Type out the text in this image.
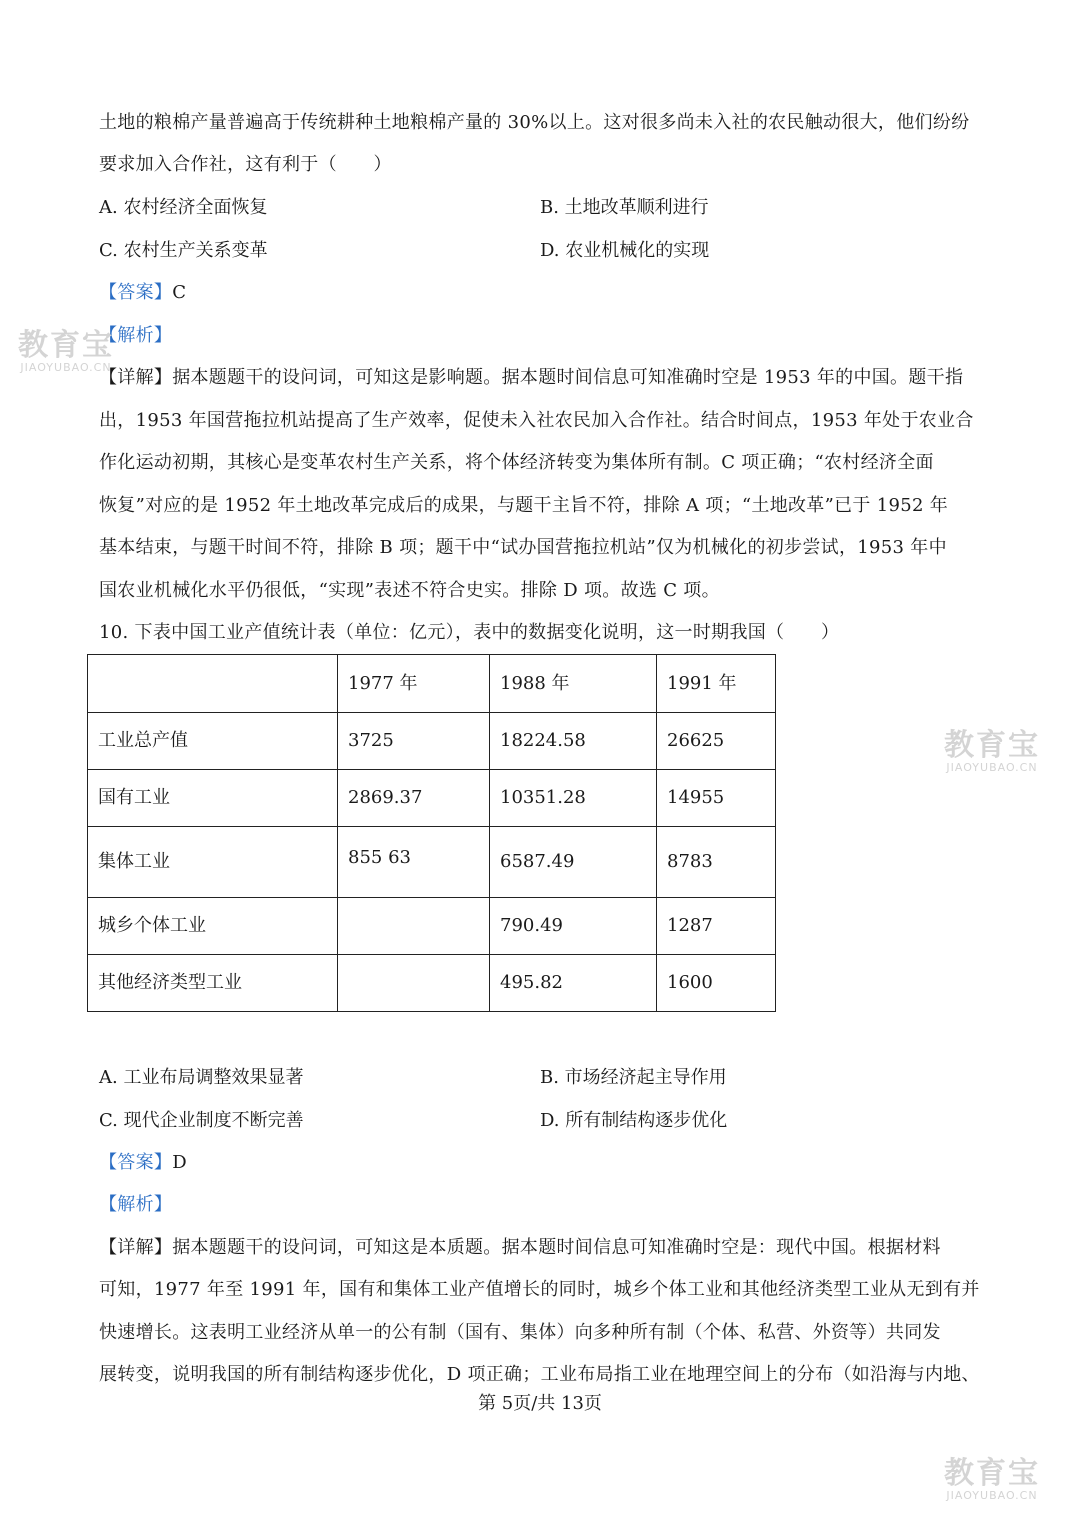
土地的粮棉产量普遍高于传统耕种土地粮棉产量的 30%以上。这对很多尚未入社的农民触动很大，他们纷纷
要求加入合作社，这有利于（　　）
A. 农村经济全面恢复	B. 土地改革顺利进行
C. 农村生产关系变革	D. 农业机械化的实现
【答案】C
【解析】
【详解】据本题题干的设问词，可知这是影响题。据本题时间信息可知准确时空是 1953 年的中国。题干指
出，1953 年国营拖拉机站提高了生产效率，促使未入社农民加入合作社。结合时间点，1953 年处于农业合
作化运动初期，其核心是变革农村生产关系，将个体经济转变为集体所有制。C 项正确；“农村经济全面
恢复”对应的是 1952 年土地改革完成后的成果，与题干主旨不符，排除 A 项；“土地改革”已于 1952 年
基本结束，与题干时间不符，排除 B 项；题干中“试办国营拖拉机站”仅为机械化的初步尝试，1953 年中
国农业机械化水平仍很低，“实现”表述不符合史实。排除 D 项。故选 C 项。
10. 下表中国工业产值统计表（单位：亿元），表中的数据变化说明，这一时期我国（　　）
	1977 年	1988 年	1991 年
工业总产值	3725	18224.58	26625
国有工业	2869.37	10351.28	14955
集体工业	855 63	6587.49	8783
城乡个体工业		790.49	1287
其他经济类型工业		495.82	1600
A. 工业布局调整效果显著	B. 市场经济起主导作用
C. 现代企业制度不断完善	D. 所有制结构逐步优化
【答案】D
【解析】
【详解】据本题题干的设问词，可知这是本质题。据本题时间信息可知准确时空是：现代中国。根据材料
可知，1977 年至 1991 年，国有和集体工业产值增长的同时，城乡个体工业和其他经济类型工业从无到有并
快速增长。这表明工业经济从单一的公有制（国有、集体）向多种所有制（个体、私营、外资等）共同发
展转变，说明我国的所有制结构逐步优化，D 项正确；工业布局指工业在地理空间上的分布（如沿海与内地、
第 5页/共 13页
教育宝
JIAOYUBAO.CN
教育宝
JIAOYUBAO.CN
教育宝
JIAOYUBAO.CN
